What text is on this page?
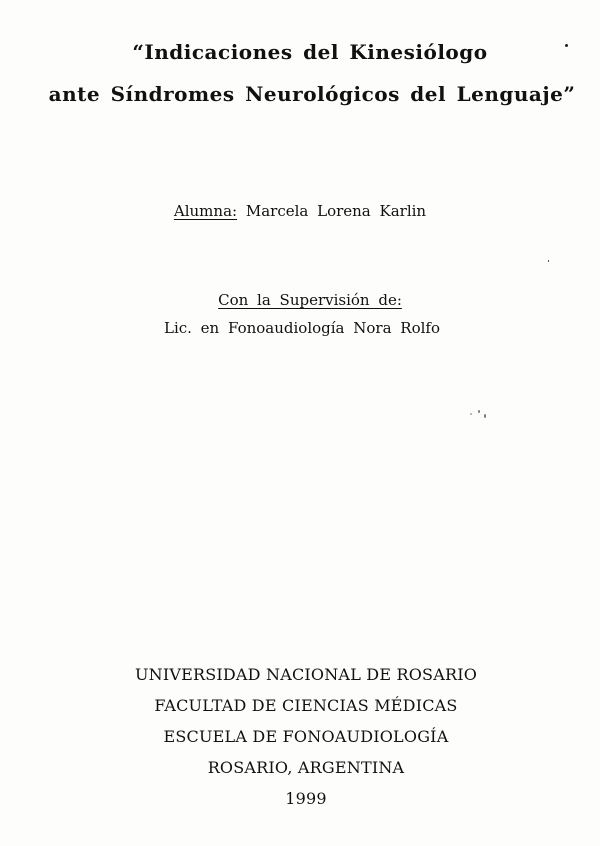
“Indicaciones del Kinesiólogo
ante Síndromes Neurológicos del Lenguaje”
Alumna: Marcela Lorena Karlin
Con la Supervisión de:
Lic. en Fonoaudiología Nora Rolfo
UNIVERSIDAD NACIONAL DE ROSARIO
FACULTAD DE CIENCIAS MÉDICAS
ESCUELA DE FONOAUDIOLOGÍA
ROSARIO, ARGENTINA
1999
